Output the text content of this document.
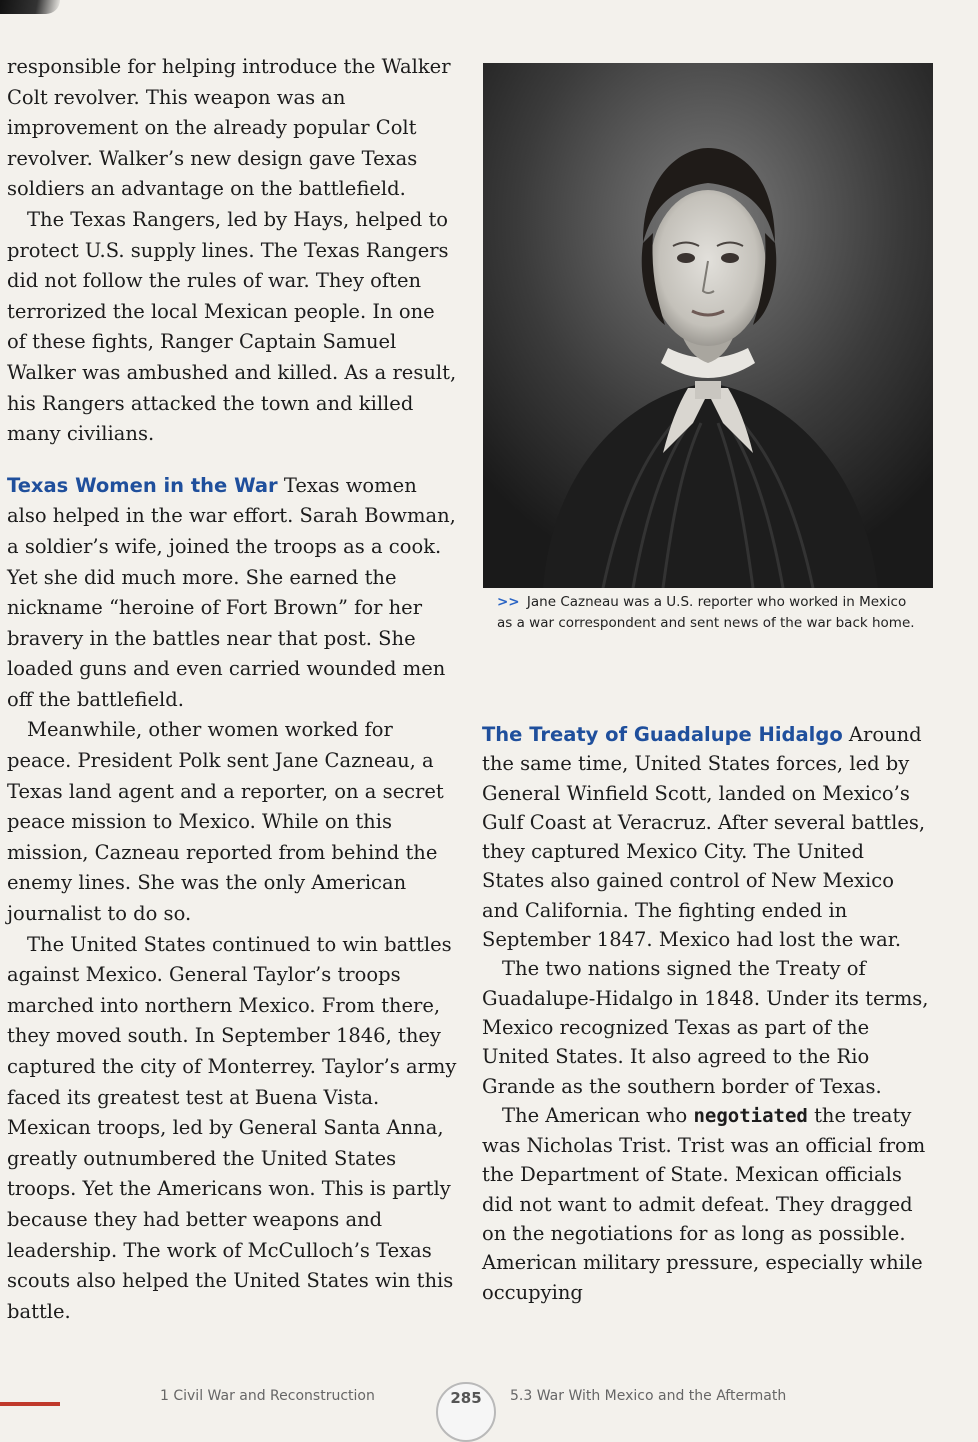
responsible for helping introduce the Walker Colt revolver. This weapon was an improvement on the already popular Colt revolver. Walker’s new design gave Texas soldiers an advantage on the battlefield.

The Texas Rangers, led by Hays, helped to protect U.S. supply lines. The Texas Rangers did not follow the rules of war. They often terrorized the local Mexican people. In one of these fights, Ranger Captain Samuel Walker was ambushed and killed. As a result, his Rangers attacked the town and killed many civilians.

Texas Women in the War Texas women also helped in the war effort. Sarah Bowman, a soldier’s wife, joined the troops as a cook. Yet she did much more. She earned the nickname “heroine of Fort Brown” for her bravery in the battles near that post. She loaded guns and even carried wounded men off the battlefield.

Meanwhile, other women worked for peace. President Polk sent Jane Cazneau, a Texas land agent and a reporter, on a secret peace mission to Mexico. While on this mission, Cazneau reported from behind the enemy lines. She was the only American journalist to do so.

The United States continued to win battles against Mexico. General Taylor’s troops marched into northern Mexico. From there, they moved south. In September 1846, they captured the city of Monterrey. Taylor’s army faced its greatest test at Buena Vista. Mexican troops, led by General Santa Anna, greatly outnumbered the United States troops. Yet the Americans won. This is partly because they had better weapons and leadership. The work of McCulloch’s Texas scouts also helped the United States win this battle.

>> Jane Cazneau was a U.S. reporter who worked in Mexico as a war correspondent and sent news of the war back home.

The Treaty of Guadalupe Hidalgo Around the same time, United States forces, led by General Winfield Scott, landed on Mexico’s Gulf Coast at Veracruz. After several battles, they captured Mexico City. The United States also gained control of New Mexico and California. The fighting ended in September 1847. Mexico had lost the war.

The two nations signed the Treaty of Guadalupe-Hidalgo in 1848. Under its terms, Mexico recognized Texas as part of the United States. It also agreed to the Rio Grande as the southern border of Texas.

The American who negotiated the treaty was Nicholas Trist. Trist was an official from the Department of State. Mexican officials did not want to admit defeat. They dragged on the negotiations for as long as possible. American military pressure, especially while occupying

1 Civil War and Reconstruction	285	5.3 War With Mexico and the Aftermath
